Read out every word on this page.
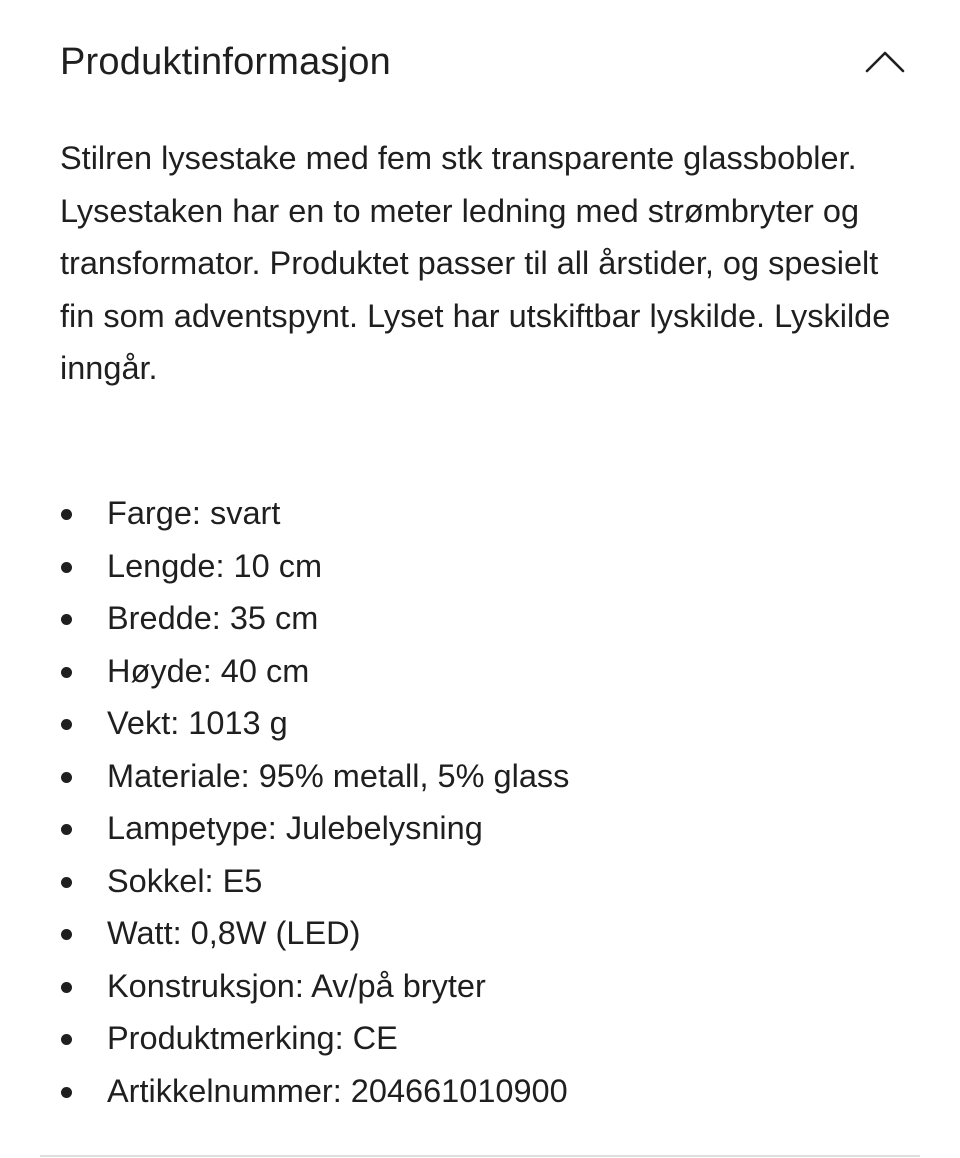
Produktinformasjon

Stilren lysestake med fem stk transparente glassbobler. Lysestaken har en to meter ledning med strømbryter og transformator. Produktet passer til all årstider, og spesielt fin som adventspynt. Lyset har utskiftbar lyskilde. Lyskilde inngår.

Farge: svart
Lengde: 10 cm
Bredde: 35 cm
Høyde: 40 cm
Vekt: 1013 g
Materiale: 95% metall, 5% glass
Lampetype: Julebelysning
Sokkel: E5
Watt: 0,8W (LED)
Konstruksjon: Av/på bryter
Produktmerking: CE
Artikkelnummer: 204661010900
